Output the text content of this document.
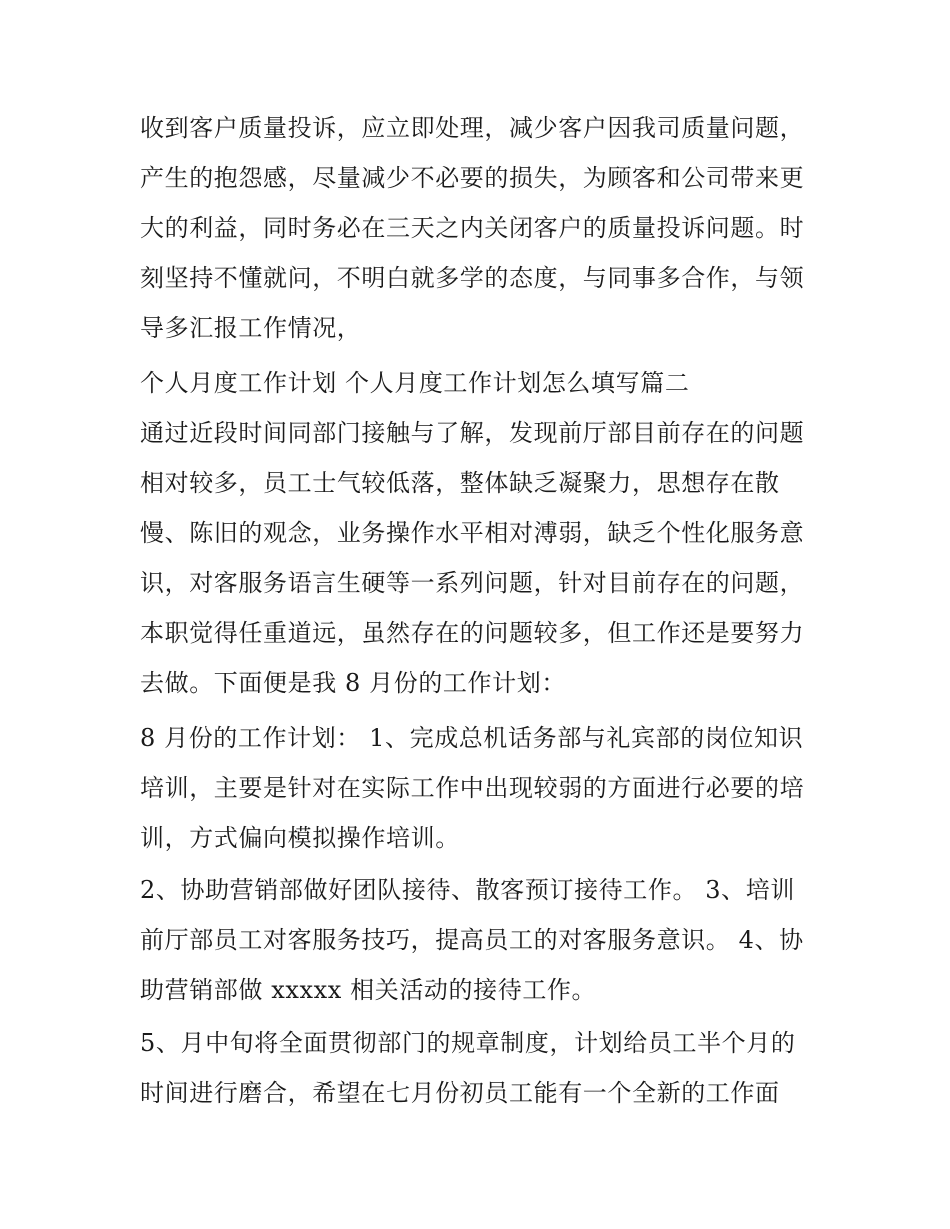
收到客户质量投诉，应立即处理，减少客户因我司质量问题，
产生的抱怨感，尽量减少不必要的损失，为顾客和公司带来更
大的利益，同时务必在三天之内关闭客户的质量投诉问题。时
刻坚持不懂就问，不明白就多学的态度，与同事多合作，与领
导多汇报工作情况，
个人月度工作计划 个人月度工作计划怎么填写篇二
通过近段时间同部门接触与了解，发现前厅部目前存在的问题
相对较多，员工士气较低落，整体缺乏凝聚力，思想存在散
慢、陈旧的观念，业务操作水平相对溥弱，缺乏个性化服务意
识，对客服务语言生硬等一系列问题，针对目前存在的问题，
本职觉得任重道远，虽然存在的问题较多，但工作还是要努力
去做。下面便是我 8 月份的工作计划：
8 月份的工作计划： 1、完成总机话务部与礼宾部的岗位知识
培训，主要是针对在实际工作中出现较弱的方面进行必要的培
训，方式偏向模拟操作培训。
2、协助营销部做好团队接待、散客预订接待工作。 3、培训
前厅部员工对客服务技巧，提高员工的对客服务意识。 4、协
助营销部做 xxxxx 相关活动的接待工作。
5、月中旬将全面贯彻部门的规章制度，计划给员工半个月的
时间进行磨合，希望在七月份初员工能有一个全新的工作面
